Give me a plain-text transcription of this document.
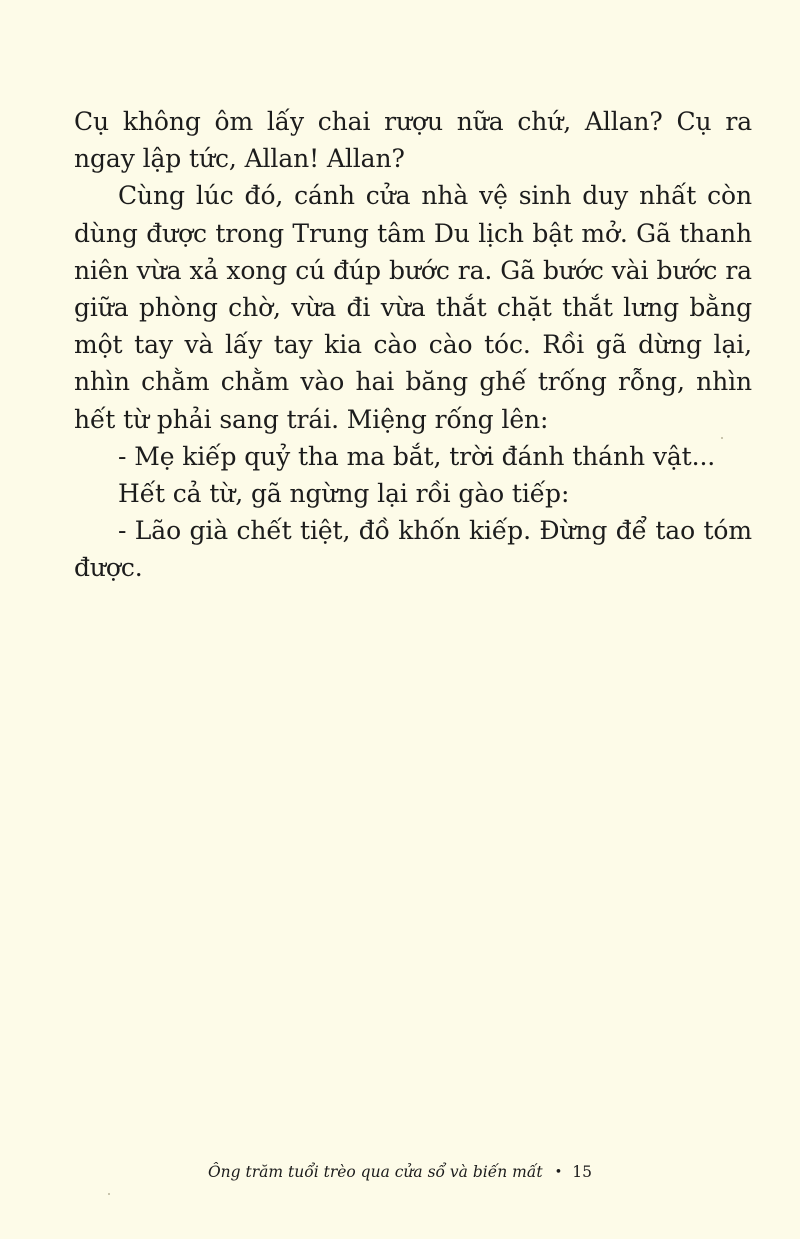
Cụ không ôm lấy chai rượu nữa chứ, Allan? Cụ ra ngay lập tức, Allan! Allan?

Cùng lúc đó, cánh cửa nhà vệ sinh duy nhất còn dùng được trong Trung tâm Du lịch bật mở. Gã thanh niên vừa xả xong cú đúp bước ra. Gã bước vài bước ra giữa phòng chờ, vừa đi vừa thắt chặt thắt lưng bằng một tay và lấy tay kia cào cào tóc. Rồi gã dừng lại, nhìn chằm chằm vào hai băng ghế trống rỗng, nhìn hết từ phải sang trái. Miệng rống lên:

- Mẹ kiếp quỷ tha ma bắt, trời đánh thánh vật...

Hết cả từ, gã ngừng lại rồi gào tiếp:

- Lão già chết tiệt, đồ khốn kiếp. Đừng để tao tóm được.

Ông trăm tuổi trèo qua cửa sổ và biến mất • 15
